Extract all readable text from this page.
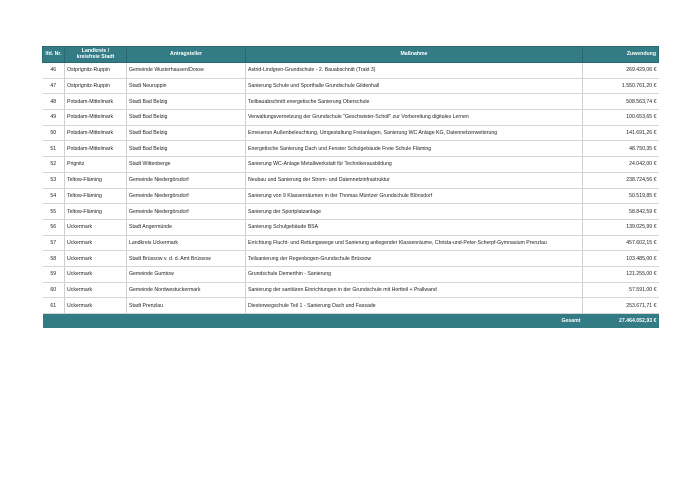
lfd. Nr.	Landkreis /
kreisfreie Stadt	Antragsteller	Maßnahme	Zuwendung
46	Ostprignitz-Ruppin	Gemeinde Wusterhausen/Dosse	Astrid-Lindgren-Grundschule - 2. Bauabschnitt (Trakt 3)	269.429,06 €
47	Ostprignitz-Ruppin	Stadt Neuruppin	Sanierung Schule und Sporthalle Grundschule Gildenhall	1.550.761,20 €
48	Potsdam-Mittelmark	Stadt Bad Belzig	Teilbauabschnitt energetische Sanierung Oberschule	508.563,74 €
49	Potsdam-Mittelmark	Stadt Bad Belzig	Verwaltungsvernetzung der Grundschule "Geschwister-Scholl" zur Vorbereitung digitales Lernen	100.653,65 €
50	Potsdam-Mittelmark	Stadt Bad Belzig	Erneuerun Außenbeleuchtung, Umgestaltung Freianlagen, Sanierung WC Anlage KG, Datennetzerweiterung	141.691,26 €
51	Potsdam-Mittelmark	Stadt Bad Belzig	Energetische Sanierung Dach und Fenster Schulgebäude Freie Schule Fläming	48.750,35 €
52	Prignitz	Stadt Wittenberge	Sanierung WC-Anlage Metallwerkstatt für Technikerausbildung	24.042,00 €
53	Teltow-Fläming	Gemeinde Niedergörsdorf	Neubau und Sanierung der Strom- und Datennetzinfrastruktur	238.724,56 €
54	Teltow-Fläming	Gemeinde Niedergörsdorf	Sanierung von 9 Klassenräumen in der Thomas Müntzer Grundschule Blönsdorf	50.519,85 €
55	Teltow-Fläming	Gemeinde Niedergörsdorf	Sanierung der Sportplatzanlage	58.842,59 €
56	Uckermark	Stadt Angermünde	Sanierung Schulgebäude BSA	139.025,99 €
57	Uckermark	Landkreis Uckermark	Errichtung Flucht- und Rettungswege und Sanierung anliegender Klassenräume, Christa-und-Peter-Scherpf-Gymnasium Prenzlau	457.602,15 €
58	Uckermark	Stadt Brüssow v. d. d. Amt Brüssow	Teilsanierung der Regenbogen-Grundschule Brüssow	103.485,00 €
59	Uckermark	Gemeinde Gumtow	Grundschule Demerthin - Sanierung	121.255,00 €
60	Uckermark	Gemeinde Nordwestuckermark	Sanierung der sanitären Einrichtungen in der Grundschule mit Hortteil + Prallwand	57.591,00 €
61	Uckermark	Stadt Prenzlau	Diesterwegschule Teil 1 - Sanierung Dach und Fassade	253.671,71 €
Gesamt				27.464.052,93 €
